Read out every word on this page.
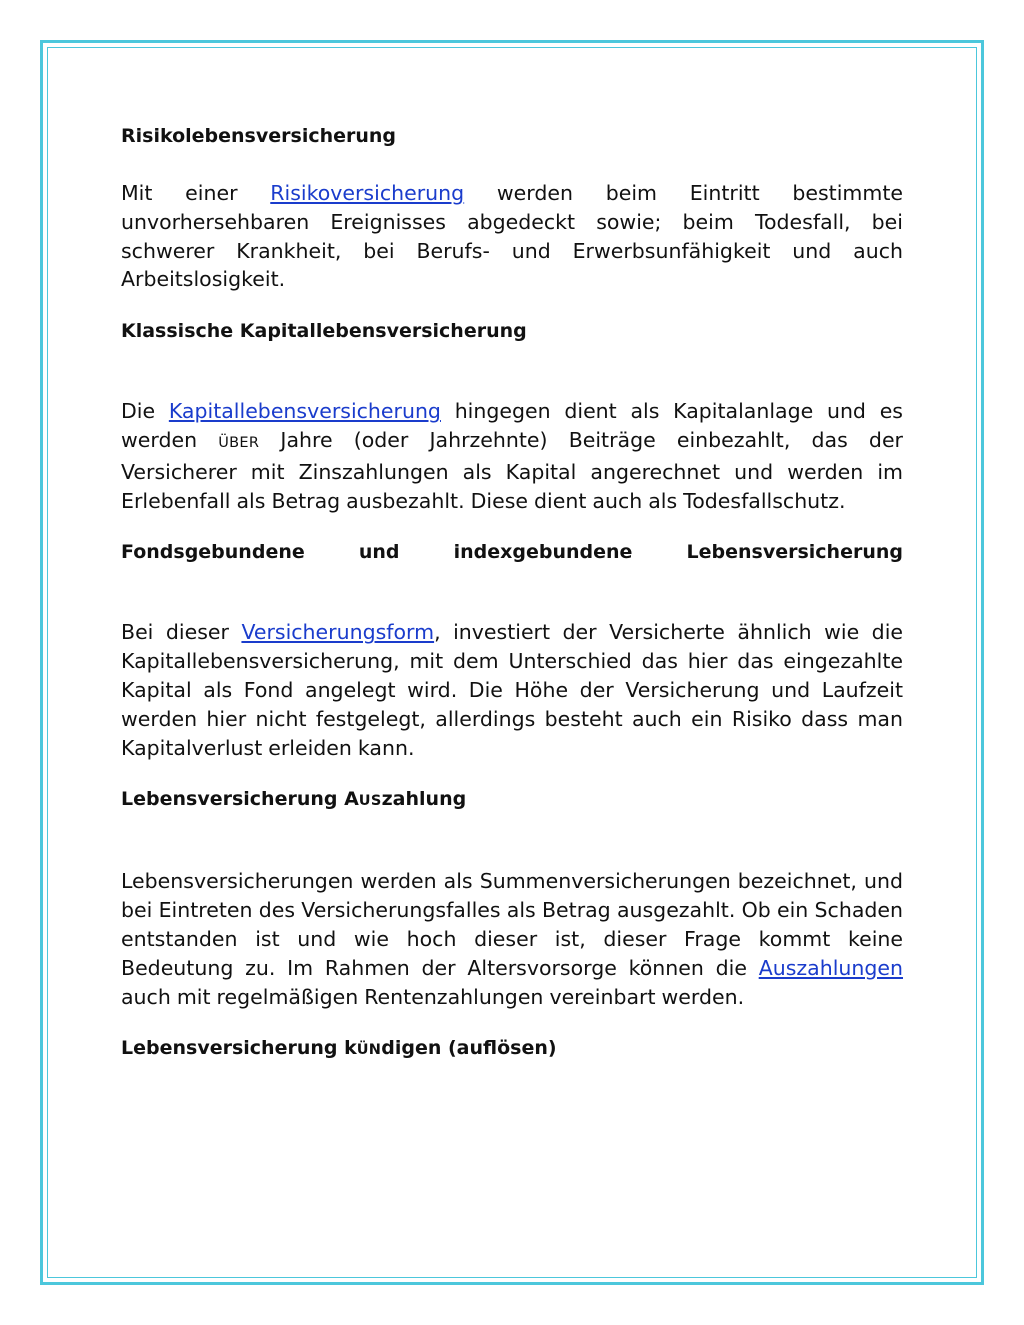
Risikolebensversicherung

Mit einer Risikoversicherung werden beim Eintritt bestimmte unvorhersehbaren Ereignisses abgedeckt sowie; beim Todesfall, bei schwerer Krankheit, bei Berufs- und Erwerbsunfähigkeit und auch Arbeitslosigkeit.

Klassische Kapitallebensversicherung

Die Kapitallebensversicherung hingegen dient als Kapitalanlage und es werden ÜBER Jahre (oder Jahrzehnte) Beiträge einbezahlt, das der Versicherer mit Zinszahlungen als Kapital angerechnet und werden im Erlebenfall als Betrag ausbezahlt. Diese dient auch als Todesfallschutz.

Fondsgebundene und indexgebundene Lebensversicherung

Bei dieser Versicherungsform, investiert der Versicherte ähnlich wie die Kapitallebensversicherung, mit dem Unterschied das hier das eingezahlte Kapital als Fond angelegt wird. Die Höhe der Versicherung und Laufzeit werden hier nicht festgelegt, allerdings besteht auch ein Risiko dass man Kapitalverlust erleiden kann.

Lebensversicherung AUSzahlung

Lebensversicherungen werden als Summenversicherungen bezeichnet, und bei Eintreten des Versicherungsfalles als Betrag ausgezahlt. Ob ein Schaden entstanden ist und wie hoch dieser ist, dieser Frage kommt keine Bedeutung zu. Im Rahmen der Altersvorsorge können die Auszahlungen auch mit regelmäßigen Rentenzahlungen vereinbart werden.

Lebensversicherung kÜNdigen (auflösen)
